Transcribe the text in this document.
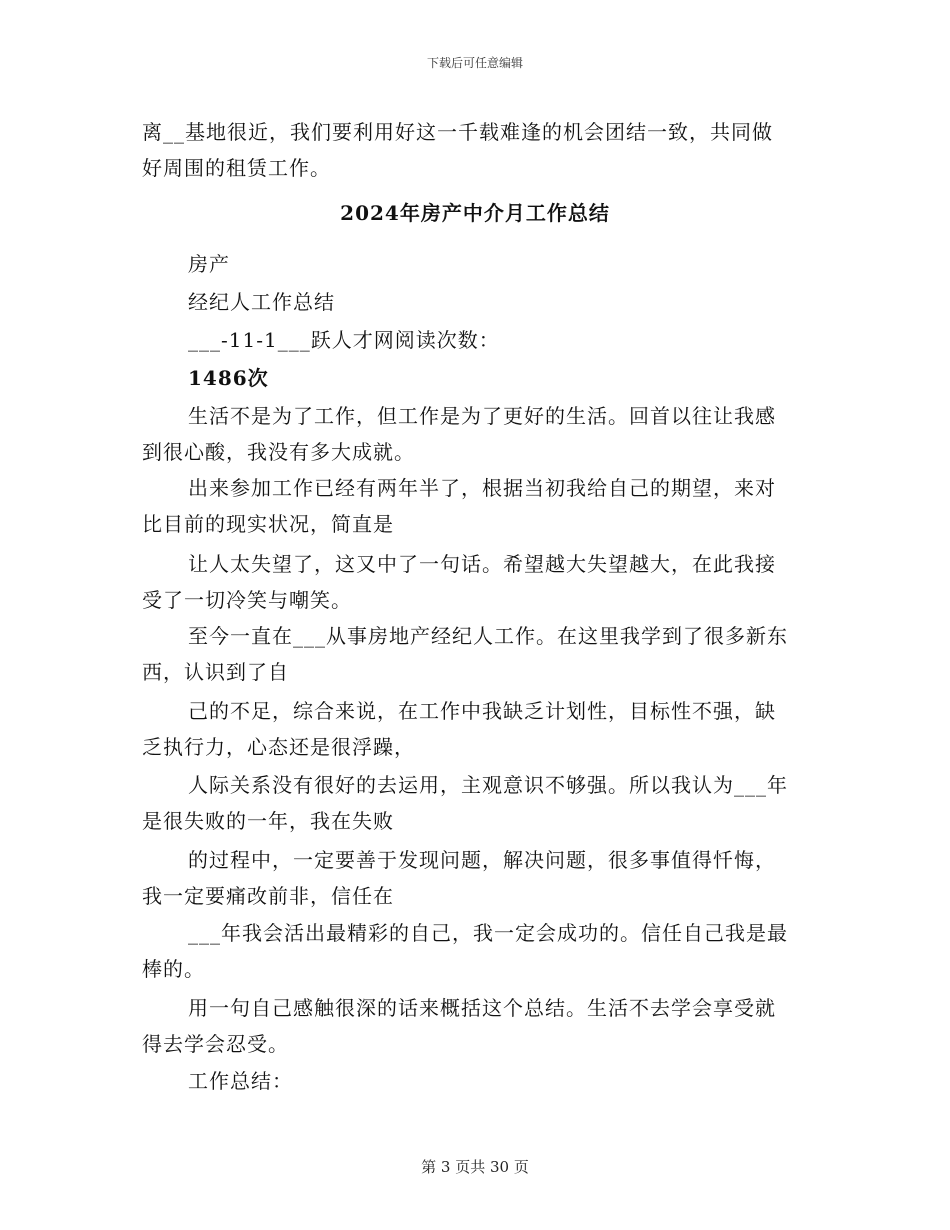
下载后可任意编辑
离__基地很近，我们要利用好这一千载难逢的机会团结一致，共同做
好周围的租赁工作。
2024年房产中介月工作总结
房产
经纪人工作总结
___-11-1___跃人才网阅读次数：
1486次
生活不是为了工作，但工作是为了更好的生活。回首以往让我感
到很心酸，我没有多大成就。
出来参加工作已经有两年半了，根据当初我给自己的期望，来对
比目前的现实状况，简直是
让人太失望了，这又中了一句话。希望越大失望越大，在此我接
受了一切冷笑与嘲笑。
至今一直在___从事房地产经纪人工作。在这里我学到了很多新东
西，认识到了自
己的不足，综合来说，在工作中我缺乏计划性，目标性不强，缺
乏执行力，心态还是很浮躁，
人际关系没有很好的去运用，主观意识不够强。所以我认为___年
是很失败的一年，我在失败
的过程中，一定要善于发现问题，解决问题，很多事值得忏悔，
我一定要痛改前非，信任在
___年我会活出最精彩的自己，我一定会成功的。信任自己我是最
棒的。
用一句自己感触很深的话来概括这个总结。生活不去学会享受就
得去学会忍受。
工作总结：
第 3 页共 30 页
